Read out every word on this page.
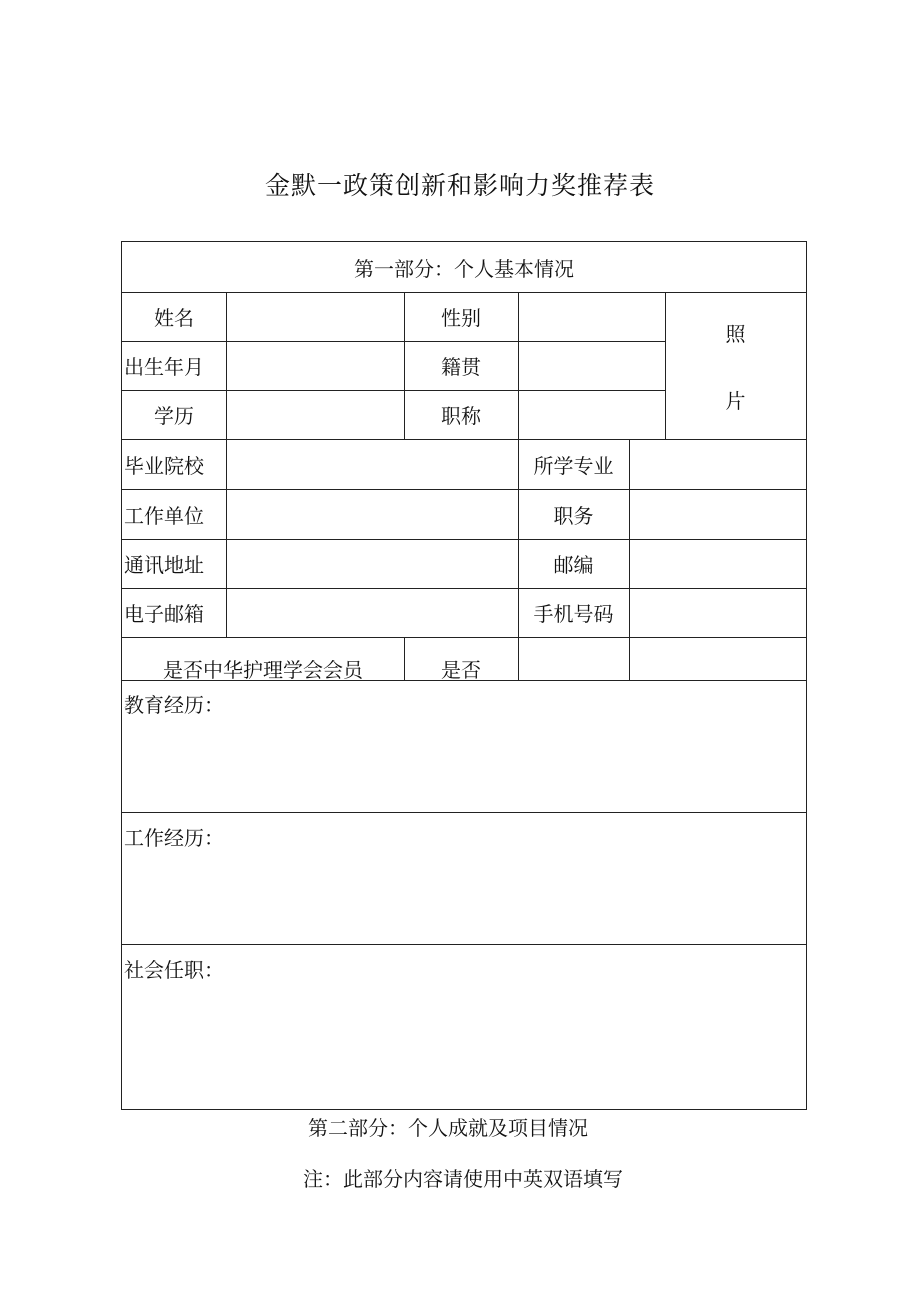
金默一政策创新和影响力奖推荐表
第一部分：个人基本情况
姓名	性别
照
片
出生年月	籍贯
学历	职称
毕业院校	所学专业
工作单位	职务
通讯地址	邮编
电子邮箱	手机号码
是否中华护理学会会员	是否
教育经历：
工作经历：
社会任职：
第二部分：个人成就及项目情况
注：此部分内容请使用中英双语填写
